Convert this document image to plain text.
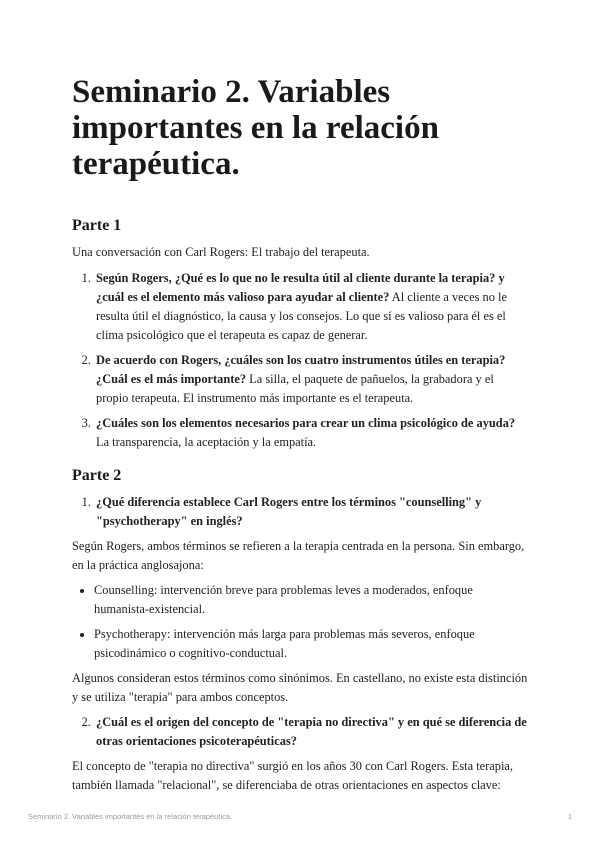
Seminario 2. Variables importantes en la relación terapéutica.
Parte 1

Una conversación con Carl Rogers: El trabajo del terapeuta.

1. Según Rogers, ¿Qué es lo que no le resulta útil al cliente durante la terapia? y ¿cuál es el elemento más valioso para ayudar al cliente? Al cliente a veces no le resulta útil el diagnóstico, la causa y los consejos. Lo que sí es valioso para él es el clima psicológico que el terapeuta es capaz de generar.
2. De acuerdo con Rogers, ¿cuáles son los cuatro instrumentos útiles en terapia?¿Cuál es el más importante? La silla, el paquete de pañuelos, la grabadora y el propio terapeuta. El instrumento más importante es el terapeuta.
3. ¿Cuáles son los elementos necesarios para crear un clima psicológico de ayuda? La transparencia, la aceptación y la empatía.
Parte 2
1. ¿Qué diferencia establece Carl Rogers entre los términos "counselling" y "psychotherapy" en inglés?

Según Rogers, ambos términos se refieren a la terapia centrada en la persona. Sin embargo, en la práctica anglosajona:

• Counselling: intervención breve para problemas leves a moderados, enfoque humanista-existencial.
• Psychotherapy: intervención más larga para problemas más severos, enfoque psicodinámico o cognitivo-conductual.

Algunos consideran estos términos como sinónimos. En castellano, no existe esta distinción y se utiliza "terapia" para ambos conceptos.

2. ¿Cuál es el origen del concepto de "terapia no directiva" y en qué se diferencia de otras orientaciones psicoterapéuticas?

El concepto de "terapia no directiva" surgió en los años 30 con Carl Rogers. Esta terapia, también llamada "relacional", se diferenciaba de otras orientaciones en aspectos clave:

Seminario 2. Variables importantes en la relación terapéutica.	1
